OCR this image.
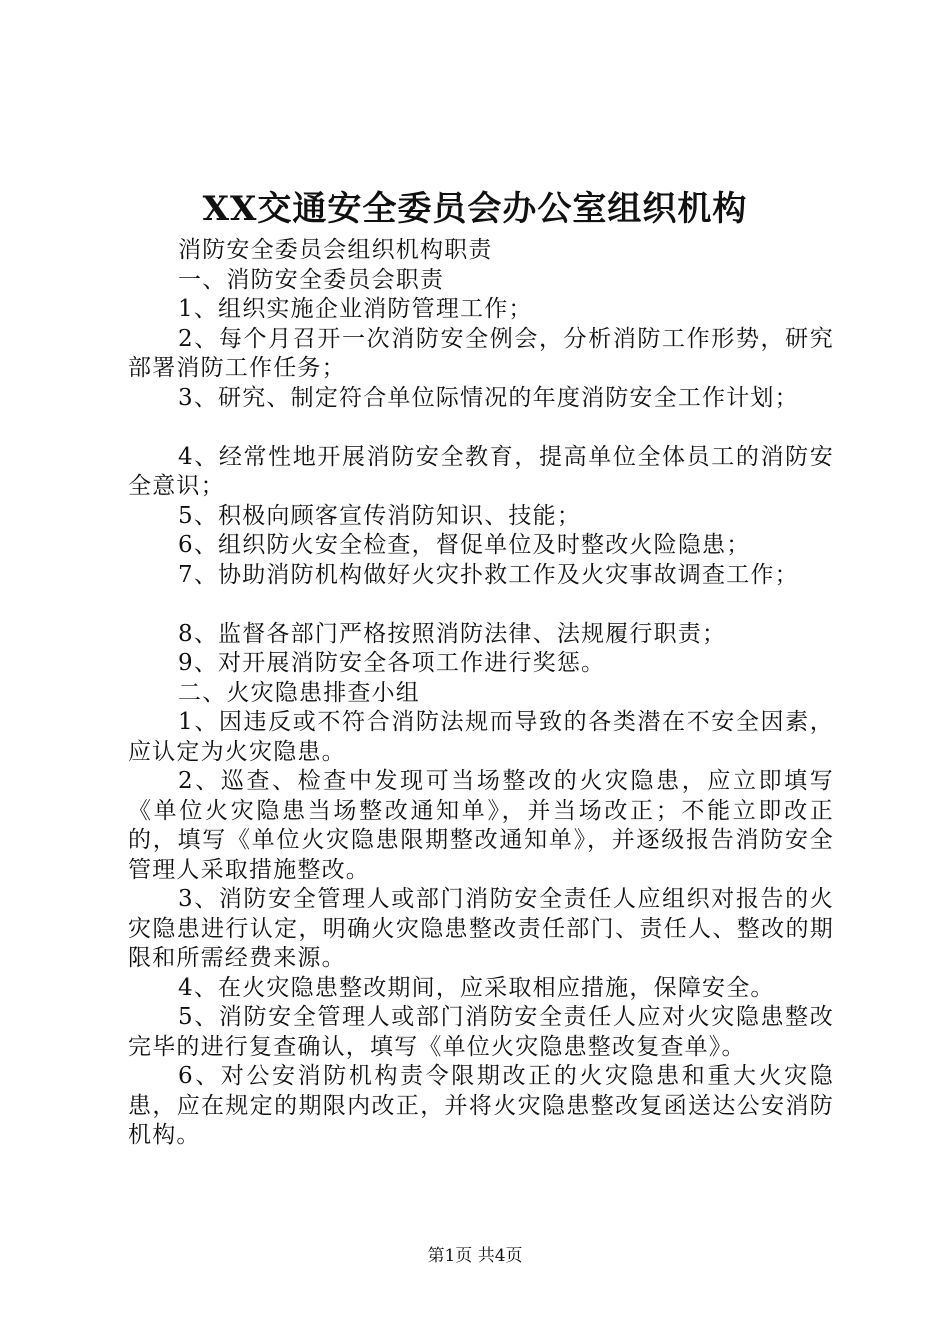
XX交通安全委员会办公室组织机构

消防安全委员会组织机构职责

一、消防安全委员会职责

1、组织实施企业消防管理工作；

2、每个月召开一次消防安全例会，分析消防工作形势，研究部署消防工作任务；

3、研究、制定符合单位际情况的年度消防安全工作计划；

4、经常性地开展消防安全教育，提高单位全体员工的消防安全意识；

5、积极向顾客宣传消防知识、技能；

6、组织防火安全检查，督促单位及时整改火险隐患；

7、协助消防机构做好火灾扑救工作及火灾事故调查工作；

8、监督各部门严格按照消防法律、法规履行职责；

9、对开展消防安全各项工作进行奖惩。

二、火灾隐患排查小组

1、因违反或不符合消防法规而导致的各类潜在不安全因素，应认定为火灾隐患。

2、巡查、检查中发现可当场整改的火灾隐患，应立即填写《单位火灾隐患当场整改通知单》，并当场改正；不能立即改正的，填写《单位火灾隐患限期整改通知单》，并逐级报告消防安全管理人采取措施整改。

3、消防安全管理人或部门消防安全责任人应组织对报告的火灾隐患进行认定，明确火灾隐患整改责任部门、责任人、整改的期限和所需经费来源。

4、在火灾隐患整改期间，应采取相应措施，保障安全。

5、消防安全管理人或部门消防安全责任人应对火灾隐患整改完毕的进行复查确认，填写《单位火灾隐患整改复查单》。

6、对公安消防机构责令限期改正的火灾隐患和重大火灾隐患，应在规定的期限内改正，并将火灾隐患整改复函送达公安消防机构。

第1页 共4页
